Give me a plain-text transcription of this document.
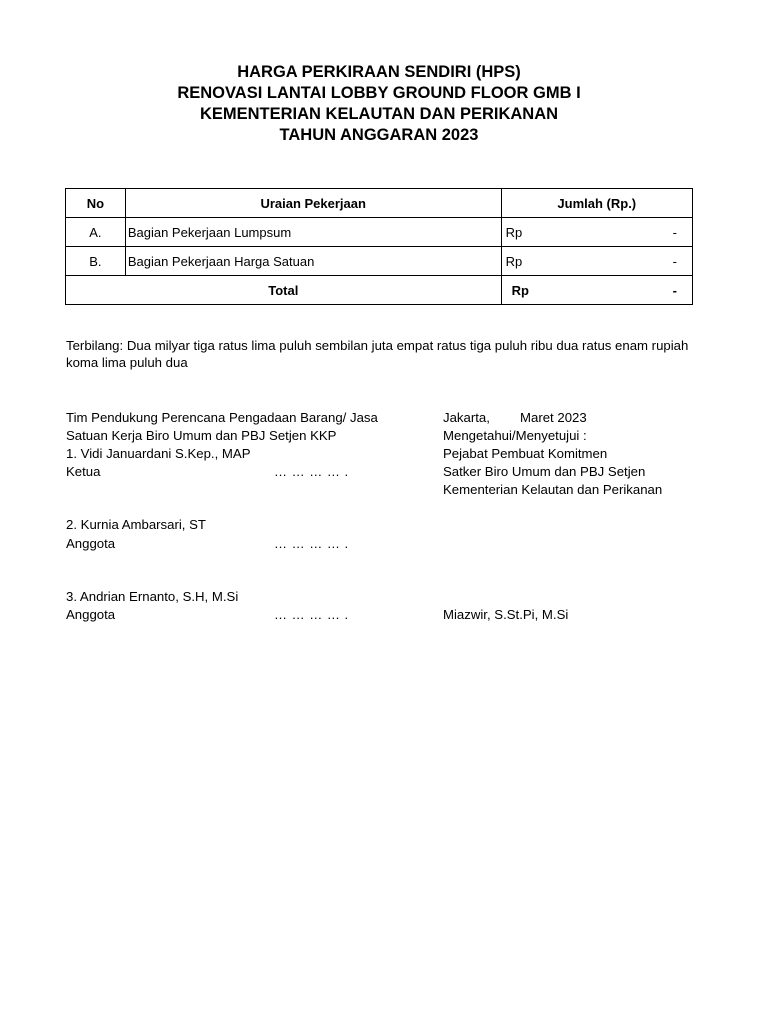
HARGA PERKIRAAN SENDIRI (HPS)
RENOVASI LANTAI LOBBY GROUND FLOOR GMB I
KEMENTERIAN KELAUTAN DAN PERIKANAN
TAHUN ANGGARAN 2023
No	Uraian Pekerjaan	Jumlah (Rp.)
A.	Bagian Pekerjaan Lumpsum	Rp -

B.	Bagian Pekerjaan Harga Satuan	Rp -

Total		Rp -
Terbilang: Dua milyar tiga ratus lima puluh sembilan juta empat ratus tiga puluh ribu dua ratus enam rupiah koma lima puluh dua
Tim Pendukung Perencana Pengadaan Barang/ Jasa
Satuan Kerja Biro Umum dan PBJ Setjen KKP
1. Vidi Januardani S.Kep., MAP
Ketua	… … … … .
2. Kurnia Ambarsari, ST
Anggota	… … … … .
3. Andrian Ernanto, S.H, M.Si
Anggota	… … … … .
Jakarta, Maret 2023
Mengetahui/Menyetujui :
Pejabat Pembuat Komitmen
Satker Biro Umum dan PBJ Setjen
Kementerian Kelautan dan Perikanan
Miazwir, S.St.Pi, M.Si
